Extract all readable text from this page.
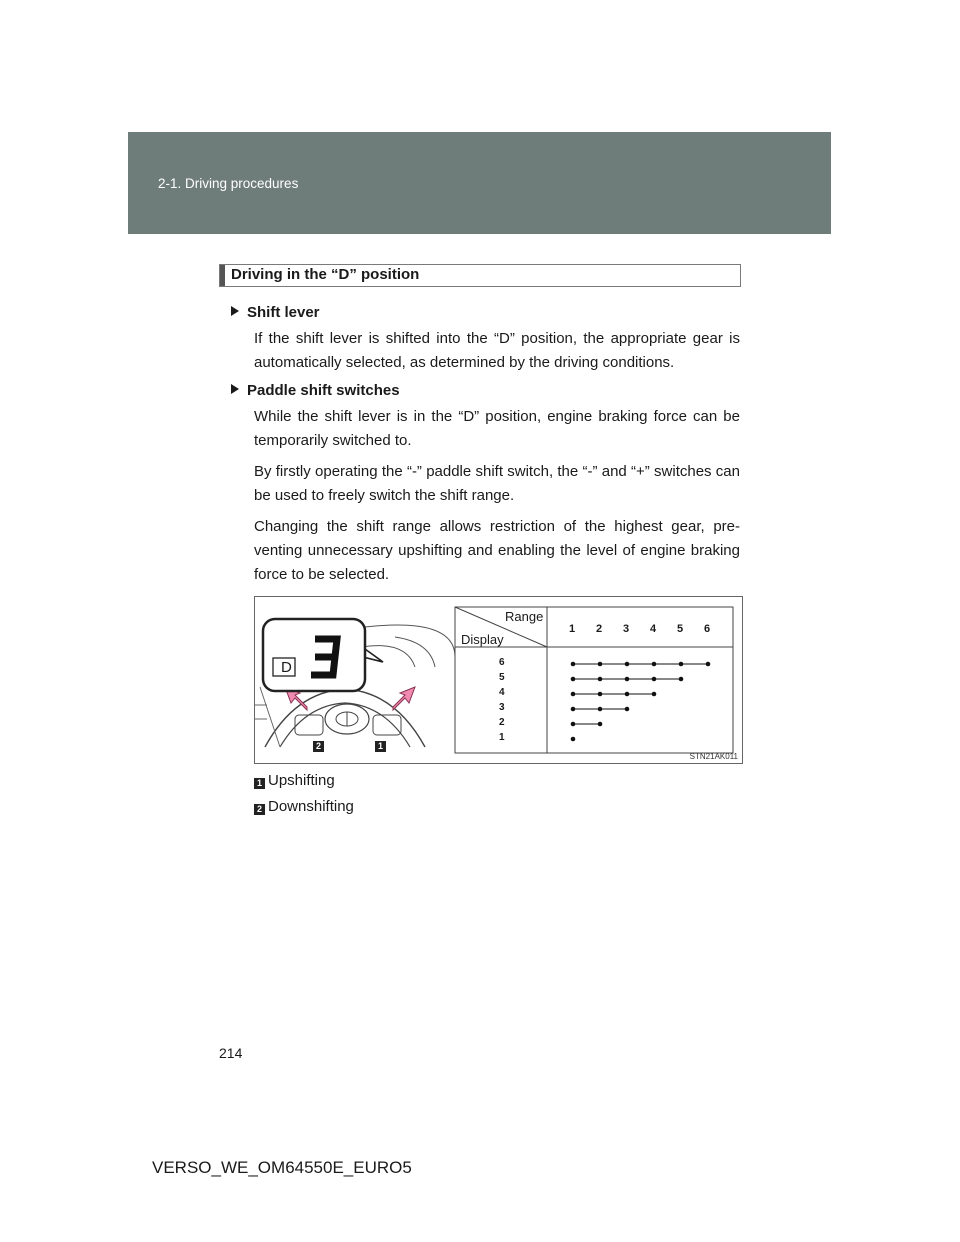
2-1. Driving procedures
Driving in the “D” position
Shift lever
If the shift lever is shifted into the “D” position, the appropriate gear is automatically selected, as determined by the driving conditions.
Paddle shift switches
While the shift lever is in the “D” position, engine braking force can be temporarily switched to.
By firstly operating the “-” paddle shift switch, the “-” and “+” switches can be used to freely switch the shift range.
Changing the shift range allows restriction of the highest gear, pre-venting unnecessary upshifting and enabling the level of engine braking force to be selected.
D
Range
Display
1 2 3 4 5 6
6
5
4
3
2
1
2	1
STN21AK011
1 Upshifting
2 Downshifting
214
VERSO_WE_OM64550E_EURO5
